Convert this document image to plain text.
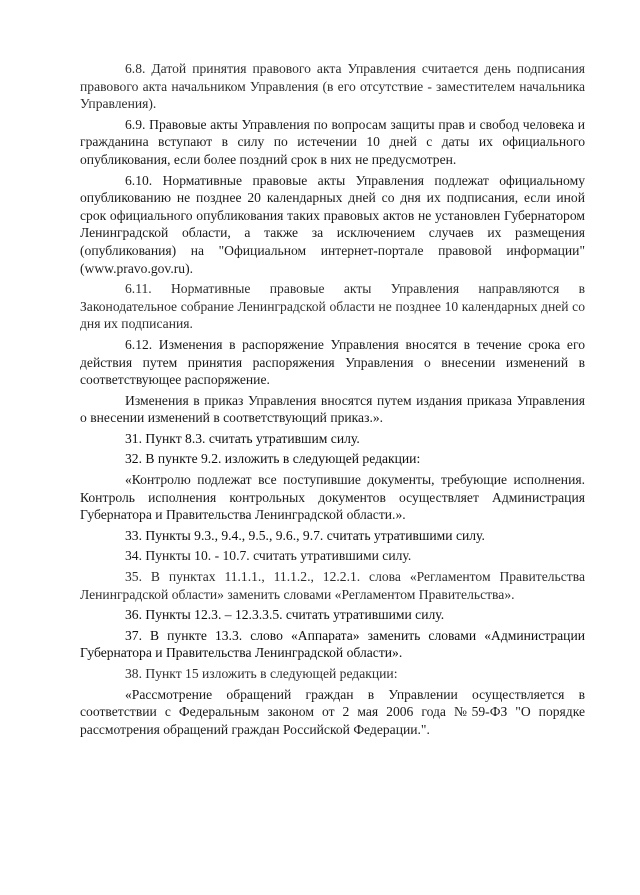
6.8. Датой принятия правового акта Управления считается день подписания правового акта начальником Управления (в его отсутствие - заместителем начальника Управления).

6.9. Правовые акты Управления по вопросам защиты прав и свобод человека и гражданина вступают в силу по истечении 10 дней с даты их официального опубликования, если более поздний срок в них не предусмотрен.

6.10. Нормативные правовые акты Управления подлежат официальному опубликованию не позднее 20 календарных дней со дня их подписания, если иной срок официального опубликования таких правовых актов не установлен Губернатором Ленинградской области, а также за исключением случаев их размещения (опубликования) на "Официальном интернет-портале правовой информации" (www.pravo.gov.ru).

6.11. Нормативные правовые акты Управления направляются в Законодательное собрание Ленинградской области не позднее 10 календарных дней со дня их подписания.

6.12. Изменения в распоряжение Управления вносятся в течение срока его действия путем принятия распоряжения Управления о внесении изменений в соответствующее распоряжение.

Изменения в приказ Управления вносятся путем издания приказа Управления о внесении изменений в соответствующий приказ.».

31. Пункт 8.3. считать утратившим силу.

32. В пункте 9.2. изложить в следующей редакции:

«Контролю подлежат все поступившие документы, требующие исполнения. Контроль исполнения контрольных документов осуществляет Администрация Губернатора и Правительства Ленинградской области.».

33. Пункты 9.3., 9.4., 9.5., 9.6., 9.7. считать утратившими силу.

34. Пункты 10. - 10.7. считать утратившими силу.

35. В пунктах 11.1.1., 11.1.2., 12.2.1. слова «Регламентом Правительства Ленинградской области» заменить словами «Регламентом Правительства».

36. Пункты 12.3. – 12.3.3.5. считать утратившими силу.

37. В пункте 13.3. слово «Аппарата» заменить словами «Администрации Губернатора и Правительства Ленинградской области».

38. Пункт 15 изложить в следующей редакции:

«Рассмотрение обращений граждан в Управлении осуществляется в соответствии с Федеральным законом от 2 мая 2006 года №59-ФЗ "О порядке рассмотрения обращений граждан Российской Федерации.".
